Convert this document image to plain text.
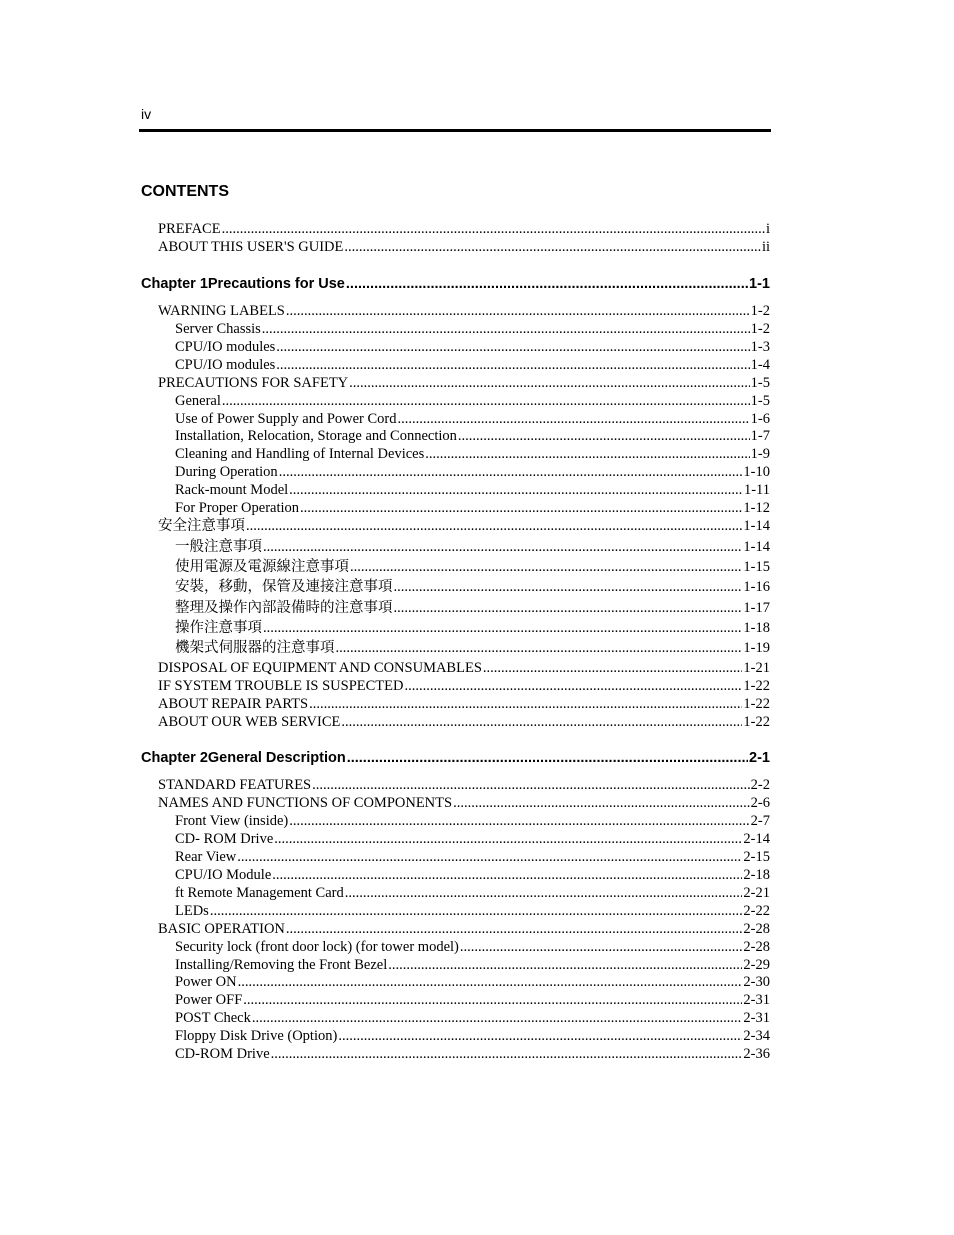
iv
CONTENTS
PREFACE .....	i
ABOUT THIS USER'S GUIDE .....	ii
Chapter 1 Precautions for Use .....	1-1
WARNING LABELS .....	1-2
Server Chassis .....	1-2
CPU/IO modules .....	1-3
CPU/IO modules .....	1-4
PRECAUTIONS FOR SAFETY .....	1-5
General .....	1-5
Use of Power Supply and Power Cord .....	1-6
Installation, Relocation, Storage and Connection .....	1-7
Cleaning and Handling of Internal Devices .....	1-9
During Operation .....	1-10
Rack-mount Model .....	1-11
For Proper Operation .....	1-12
安全注意事項 .....	1-14
一般注意事項 .....	1-14
使用電源及電源線注意事項 .....	1-15
安裝，移動，保管及連接注意事項 .....	1-16
整理及操作內部設備時的注意事項 .....	1-17
操作注意事項 .....	1-18
機架式伺服器的注意事項 .....	1-19
DISPOSAL OF EQUIPMENT AND CONSUMABLES .....	1-21
IF SYSTEM TROUBLE IS SUSPECTED .....	1-22
ABOUT REPAIR PARTS .....	1-22
ABOUT OUR WEB SERVICE .....	1-22
Chapter 2 General Description .....	2-1
STANDARD FEATURES .....	2-2
NAMES AND FUNCTIONS OF COMPONENTS .....	2-6
Front View (inside) .....	2-7
CD- ROM Drive .....	2-14
Rear View .....	2-15
CPU/IO Module .....	2-18
ft Remote Management Card .....	2-21
LEDs .....	2-22
BASIC OPERATION .....	2-28
Security lock (front door lock) (for tower model) .....	2-28
Installing/Removing the Front Bezel .....	2-29
Power ON .....	2-30
Power OFF .....	2-31
POST Check .....	2-31
Floppy Disk Drive (Option) .....	2-34
CD-ROM Drive .....	2-36
